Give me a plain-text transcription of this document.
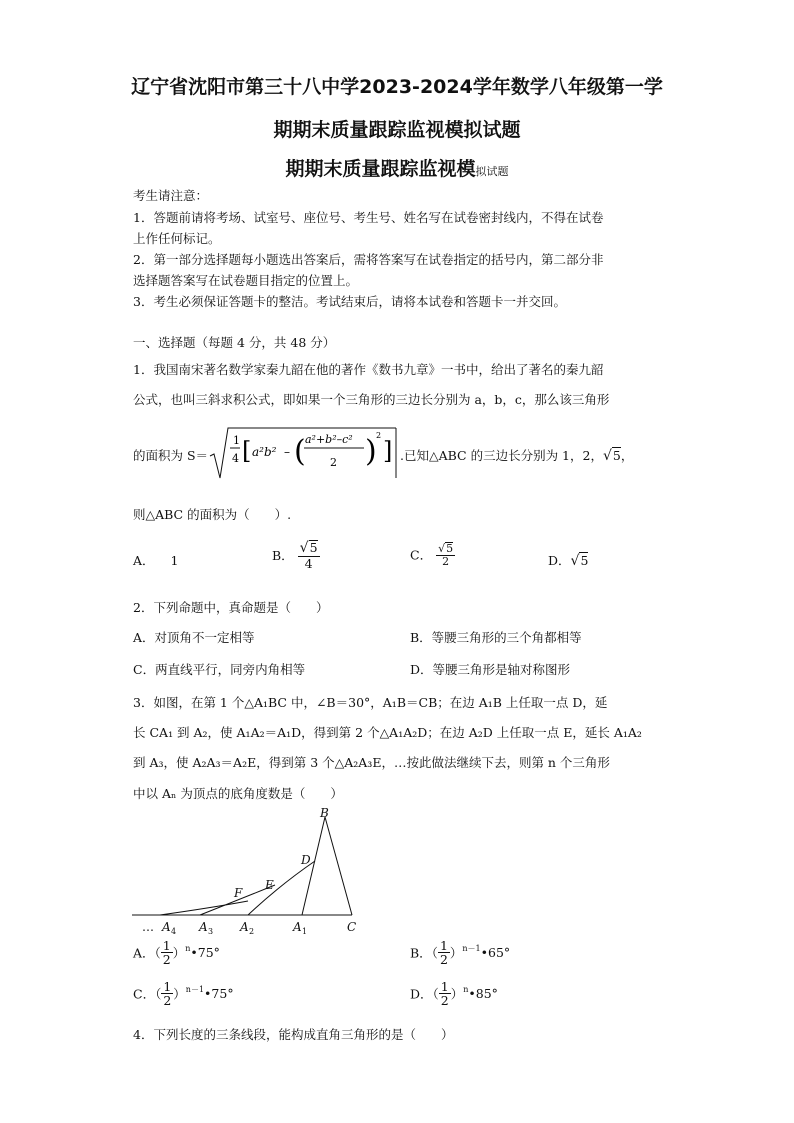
辽宁省沈阳市第三十八中学2023-2024学年数学八年级第一学
期期末质量跟踪监视模拟试题
期期末质量跟踪监视模拟试题
考生请注意：
1．答题前请将考场、试室号、座位号、考生号、姓名写在试卷密封线内，不得在试卷
上作任何标记。
2．第一部分选择题每小题选出答案后，需将答案写在试卷指定的括号内，第二部分非
选择题答案写在试卷题目指定的位置上。
3．考生必须保证答题卡的整洁。考试结束后，请将本试卷和答题卡一并交回。
一、选择题（每题 4 分，共 48 分）
1．我国南宋著名数学家秦九韶在他的著作《数书九章》一书中，给出了著名的秦九韶
公式，也叫三斜求积公式，即如果一个三角形的三边长分别为 a，b，c，那么该三角形
的面积为 S＝
1
4 [ a²b² – ( a²+b²–c²
2 ) 2
] .已知△ABC 的三边长分别为 1，2，√5，
则△ABC 的面积为（　　）.
A． 1	B． $\frac{√5}{4}$	C． $\frac{√5}{2}$	D．√5
2．下列命题中，真命题是（　　）
A．对顶角不一定相等	B．等腰三角形的三个角都相等
C．两直线平行，同旁内角相等	D．等腰三角形是轴对称图形
3．如图，在第 1 个△A₁BC 中，∠B＝30°，A₁B＝CB；在边 A₁B 上任取一点 D，延
长 CA₁ 到 A₂，使 A₁A₂＝A₁D，得到第 2 个△A₁A₂D；在边 A₂D 上任取一点 E，延长 A₁A₂
到 A₃，使 A₂A₃＝A₂E，得到第 3 个△A₂A₃E，…按此做法继续下去，则第 n 个三角形
中以 Aₙ 为顶点的底角度数是（　　）
B
D
E
F
… A 4 A 3 A 2	A 1	C
A．（ $\frac{1}{2}$ ）$^n$•75°	B．（ $\frac{1}{2}$ ）$^{n-1}$•65°
C．（ $\frac{1}{2}$ ）$^{n-1}$•75°	D．（ $\frac{1}{2}$ ）$^n$•85°
4．下列长度的三条线段，能构成直角三角形的是（　　）
